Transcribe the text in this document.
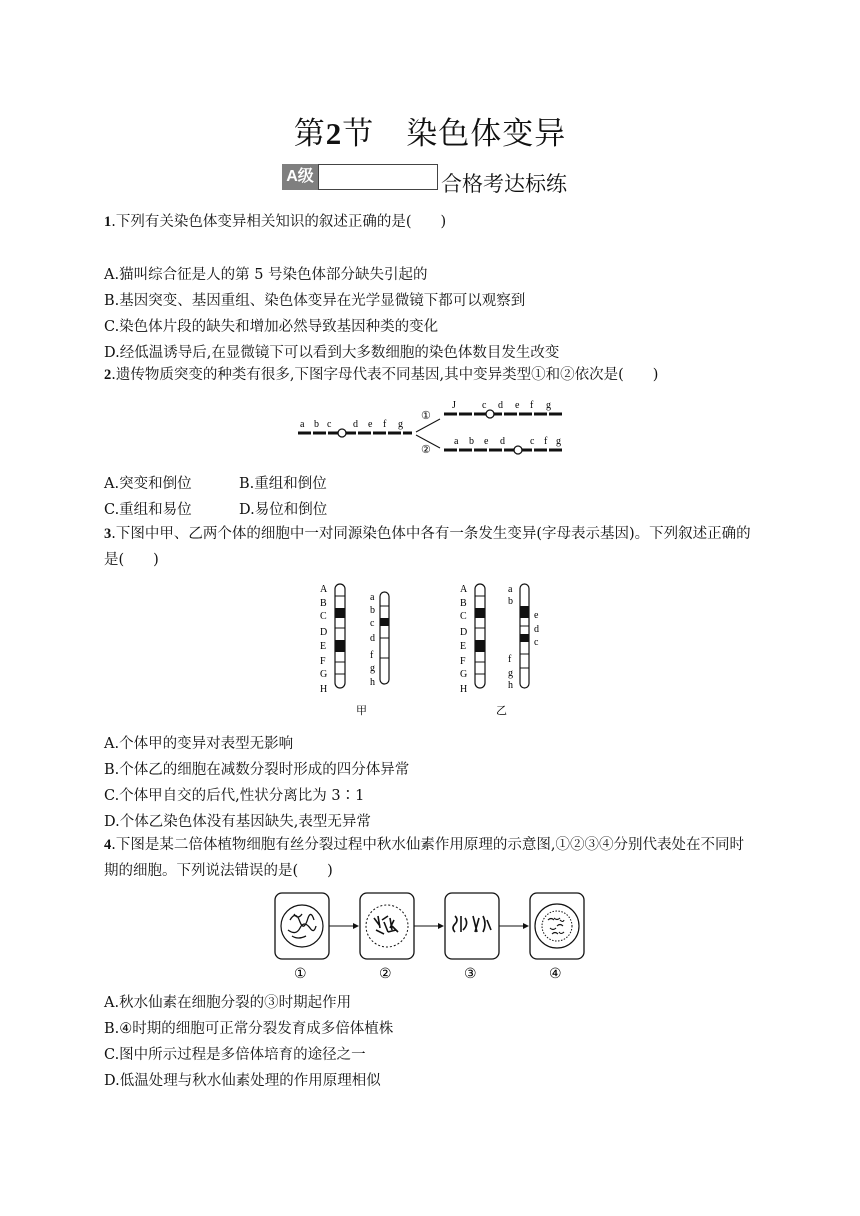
第2节　 染色体变异
A级	合格考达标练
1.下列有关染色体变异相关知识的叙述正确的是(　　)
A.猫叫综合征是人的第 5 号染色体部分缺失引起的
B.基因突变、基因重组、染色体变异在光学显微镜下都可以观察到
C.染色体片段的缺失和增加必然导致基因种类的变化
D.经低温诱导后,在显微镜下可以看到大多数细胞的染色体数目发生改变
2.遗传物质突变的种类有很多,下图字母代表不同基因,其中变异类型①和②依次是(　　)
a b c d e f g
①
②
J	c d e f g
a b e d	c f g
A.突变和倒位	B.重组和倒位
C.重组和易位	D.易位和倒位
3.下图中甲、乙两个体的细胞中一对同源染色体中各有一条发生变异(字母表示基因)。下列叙述正确的是(　　)
A
B
C
D
E
F
G
H
a
b
c
d
f
g
h
A
B
C
D
E
F
G
H
a
b
e
d
c
f
g
h
甲	乙
A.个体甲的变异对表型无影响
B.个体乙的细胞在减数分裂时形成的四分体异常
C.个体甲自交的后代,性状分离比为 3∶1
D.个体乙染色体没有基因缺失,表型无异常
4.下图是某二倍体植物细胞有丝分裂过程中秋水仙素作用原理的示意图,①②③④分别代表处在不同时期的细胞。下列说法错误的是(　　)
①	②	③	④
A.秋水仙素在细胞分裂的③时期起作用
B.④时期的细胞可正常分裂发育成多倍体植株
C.图中所示过程是多倍体培育的途径之一
D.低温处理与秋水仙素处理的作用原理相似
